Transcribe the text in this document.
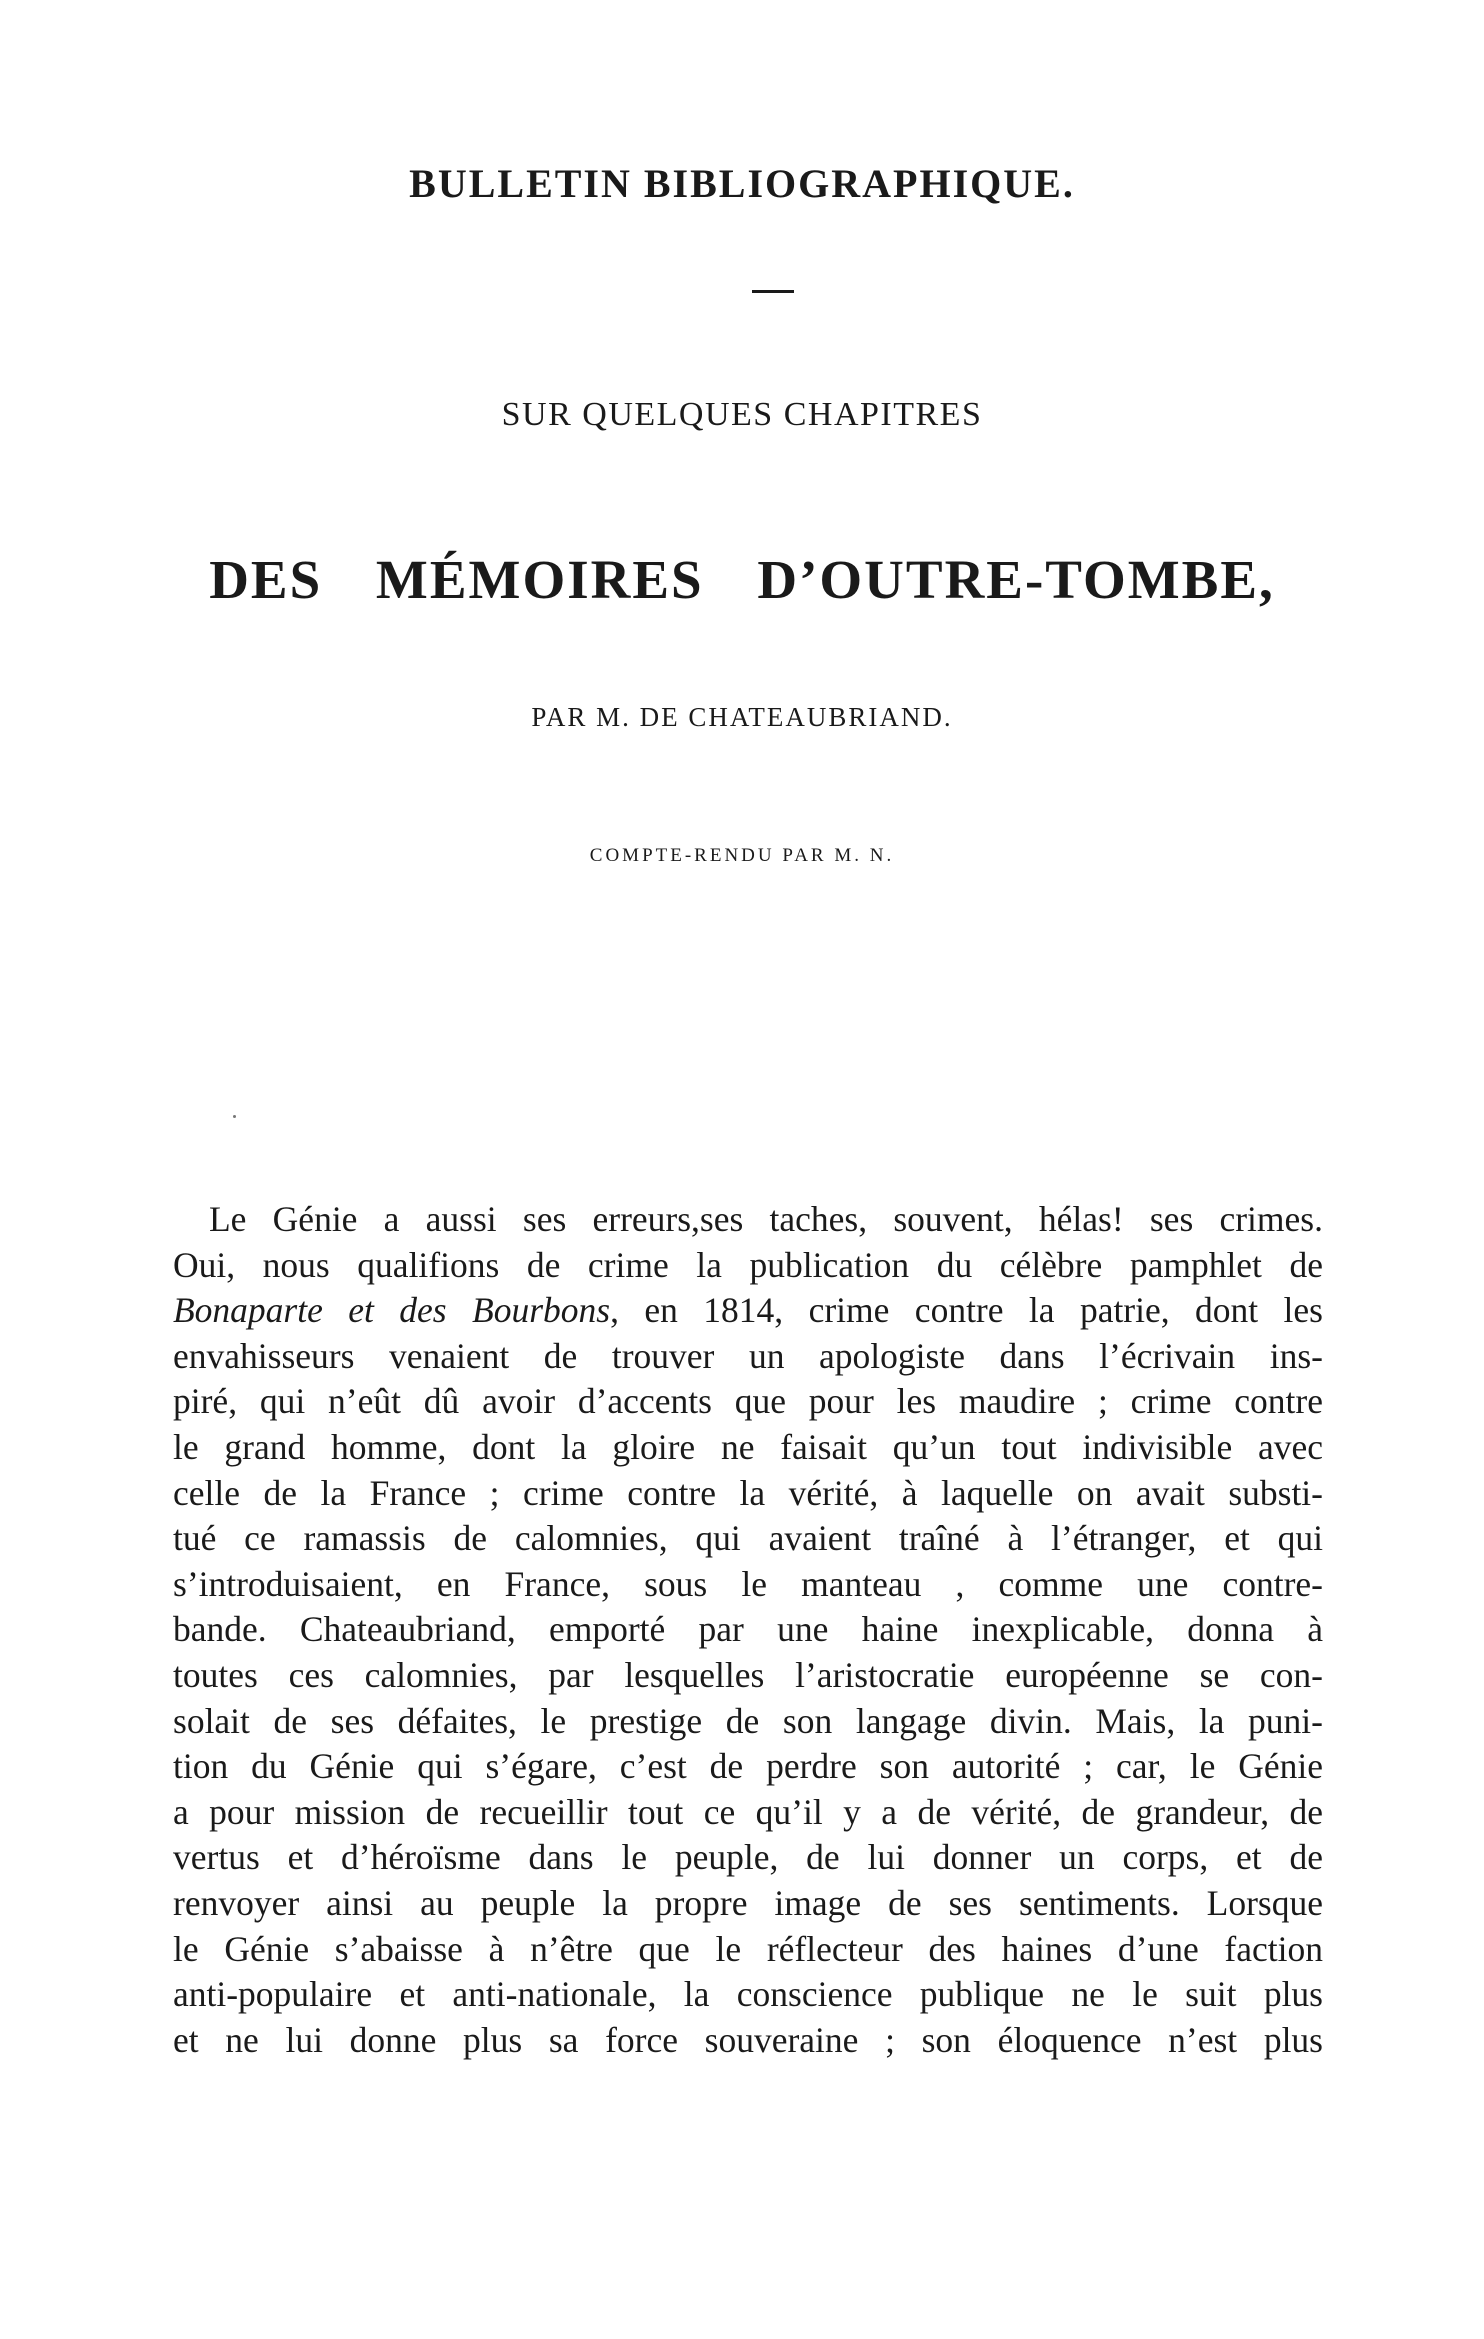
BULLETIN BIBLIOGRAPHIQUE.
SUR QUELQUES CHAPITRES
DES MÉMOIRES D’OUTRE-TOMBE,
PAR M. DE CHATEAUBRIAND.
COMPTE-RENDU PAR M. N.
Le Génie a aussi ses erreurs,ses taches, souvent, hélas! ses crimes.
Oui, nous qualifions de crime la publication du célèbre pamphlet de
Bonaparte et des Bourbons, en 1814, crime contre la patrie, dont les
envahisseurs venaient de trouver un apologiste dans l’écrivain ins-
piré, qui n’eût dû avoir d’accents que pour les maudire ; crime contre
le grand homme, dont la gloire ne faisait qu’un tout indivisible avec
celle de la France ; crime contre la vérité, à laquelle on avait substi-
tué ce ramassis de calomnies, qui avaient traîné à l’étranger, et qui
s’introduisaient, en France, sous le manteau , comme une contre-
bande. Chateaubriand, emporté par une haine inexplicable, donna à
toutes ces calomnies, par lesquelles l’aristocratie européenne se con-
solait de ses défaites, le prestige de son langage divin. Mais, la puni-
tion du Génie qui s’égare, c’est de perdre son autorité ; car, le Génie
a pour mission de recueillir tout ce qu’il y a de vérité, de grandeur, de
vertus et d’héroïsme dans le peuple, de lui donner un corps, et de
renvoyer ainsi au peuple la propre image de ses sentiments. Lorsque
le Génie s’abaisse à n’être que le réflecteur des haines d’une faction
anti-populaire et anti-nationale, la conscience publique ne le suit plus
et ne lui donne plus sa force souveraine ; son éloquence n’est plus
